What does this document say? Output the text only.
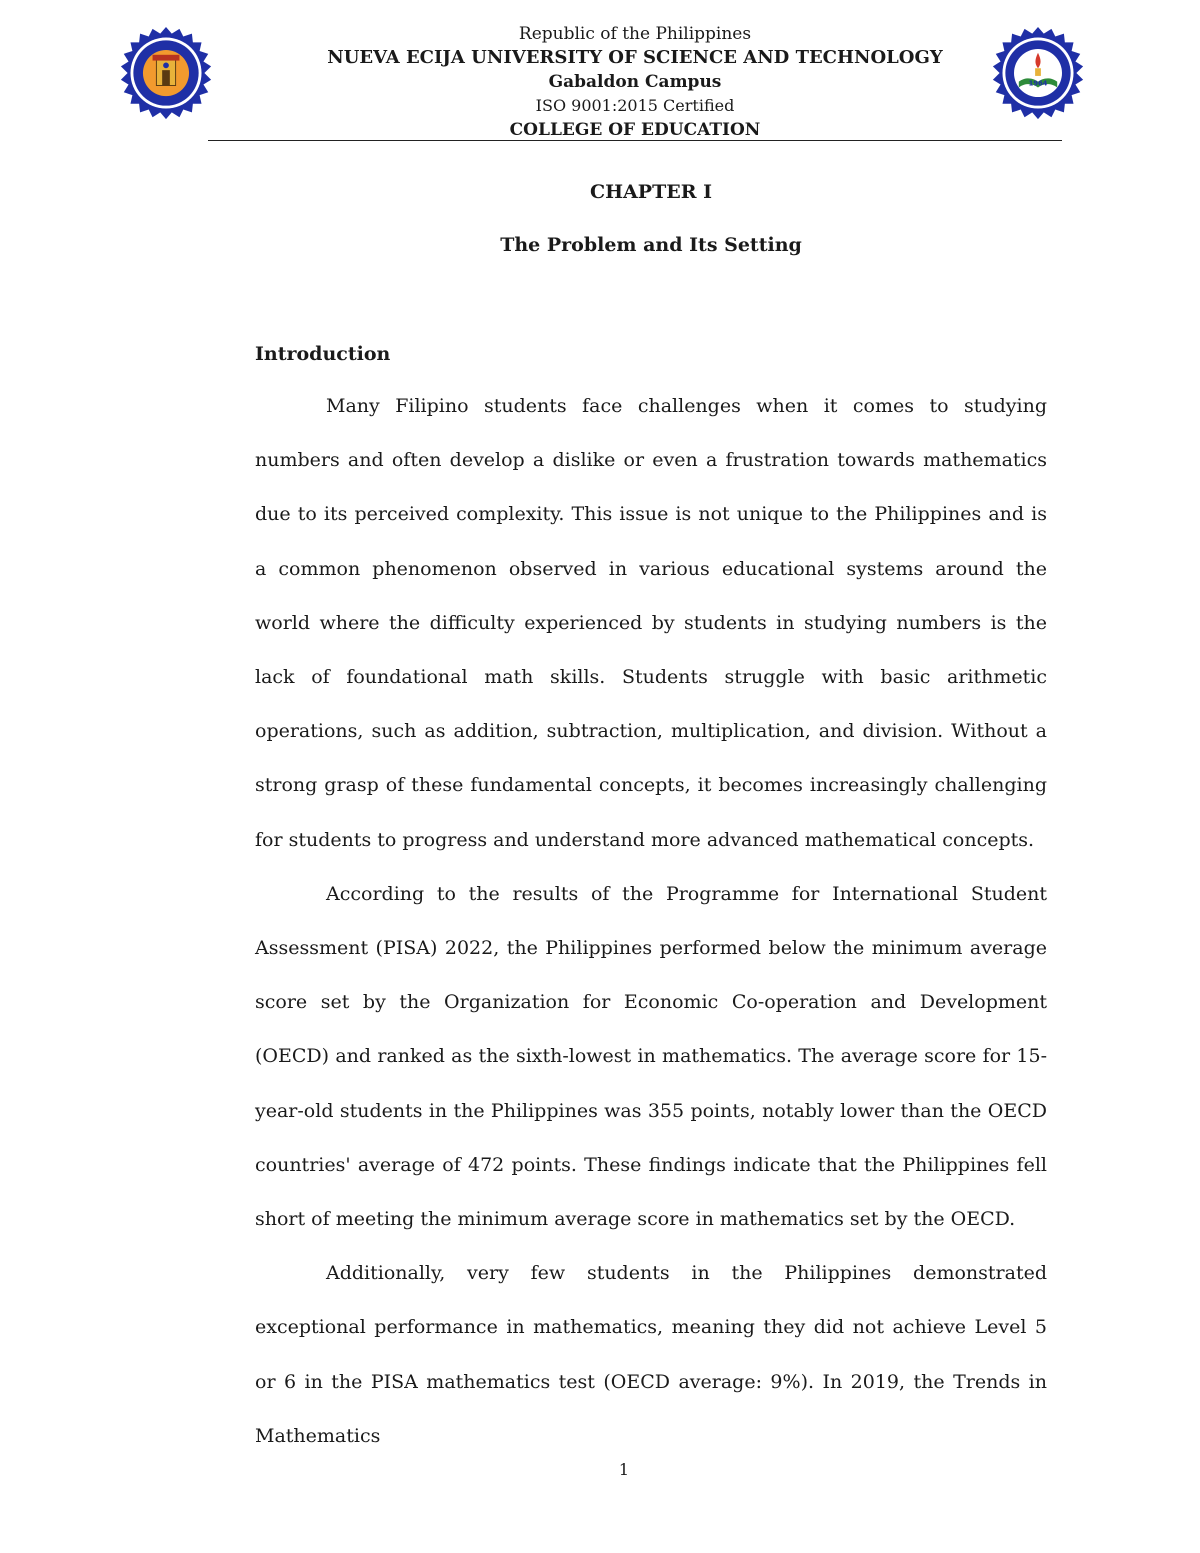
1964
Republic of the Philippines
NUEVA ECIJA UNIVERSITY OF SCIENCE AND TECHNOLOGY
Gabaldon Campus
ISO 9001:2015 Certified
COLLEGE OF EDUCATION
CHAPTER I
The Problem and Its Setting
Introduction

Many Filipino students face challenges when it comes to studying numbers and often develop a dislike or even a frustration towards mathematics due to its perceived complexity. This issue is not unique to the Philippines and is a common phenomenon observed in various educational systems around the world where the difficulty experienced by students in studying numbers is the lack of foundational math skills. Students struggle with basic arithmetic operations, such as addition, subtraction, multiplication, and division. Without a strong grasp of these fundamental concepts, it becomes increasingly challenging for students to progress and understand more advanced mathematical concepts.

According to the results of the Programme for International Student Assessment (PISA) 2022, the Philippines performed below the minimum average score set by the Organization for Economic Co-operation and Development (OECD) and ranked as the sixth-lowest in mathematics. The average score for 15-year-old students in the Philippines was 355 points, notably lower than the OECD countries' average of 472 points. These findings indicate that the Philippines fell short of meeting the minimum average score in mathematics set by the OECD.

Additionally, very few students in the Philippines demonstrated exceptional performance in mathematics, meaning they did not achieve Level 5 or 6 in the PISA mathematics test (OECD average: 9%). In 2019, the Trends in Mathematics

1
